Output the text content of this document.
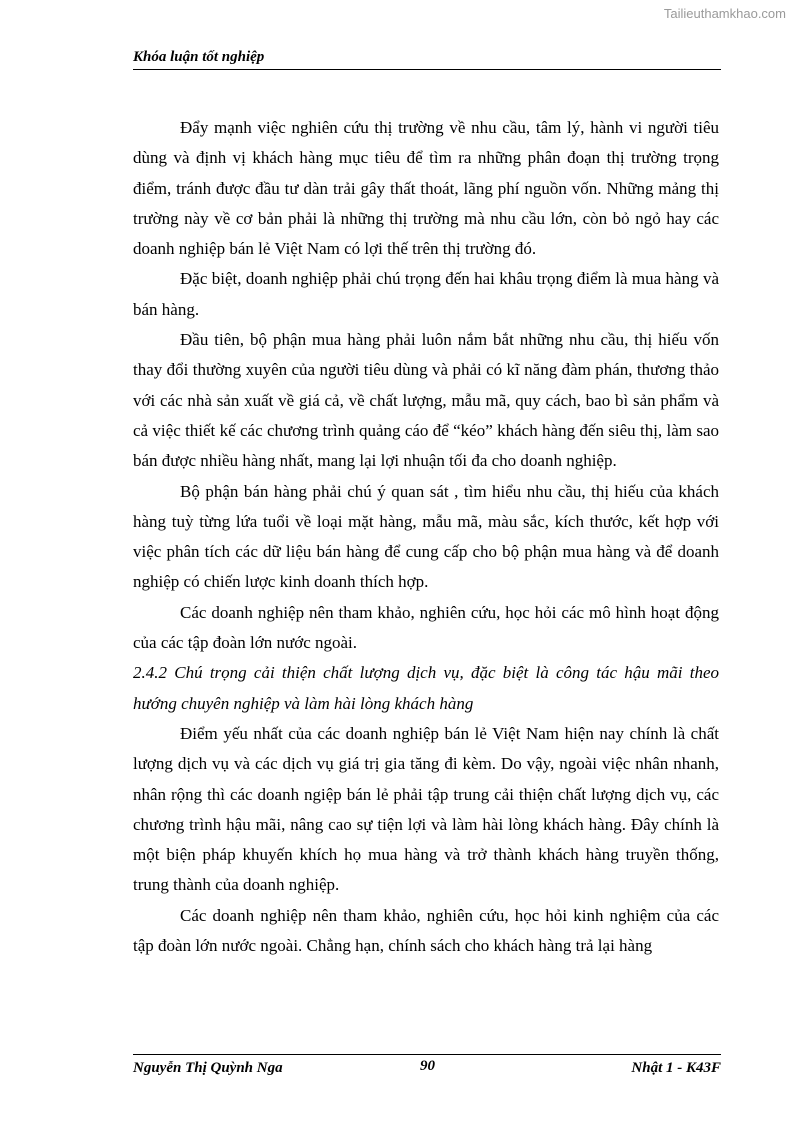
Tailieuthamkhao.com
Khóa luận tốt nghiệp

Đẩy mạnh việc nghiên cứu thị trường về nhu cầu, tâm lý, hành vi người tiêu dùng và định vị khách hàng mục tiêu để tìm ra những phân đoạn thị trường trọng điểm, tránh được đầu tư dàn trải gây thất thoát, lãng phí nguồn vốn. Những mảng thị trường này về cơ bản phải là những thị trường mà nhu cầu lớn, còn bỏ ngỏ hay các doanh nghiệp bán lẻ Việt Nam có lợi thế trên thị trường đó.

Đặc biệt, doanh nghiệp phải chú trọng đến hai khâu trọng điểm là mua hàng và bán hàng.

Đầu tiên, bộ phận mua hàng phải luôn nắm bắt những nhu cầu, thị hiếu vốn thay đổi thường xuyên của người tiêu dùng và phải có kĩ năng đàm phán, thương thảo với các nhà sản xuất về giá cả, về chất lượng, mẫu mã, quy cách, bao bì sản phẩm và cả việc thiết kế các chương trình quảng cáo để “kéo” khách hàng đến siêu thị, làm sao bán được nhiều hàng nhất, mang lại lợi nhuận tối đa cho doanh nghiệp.

Bộ phận bán hàng phải chú ý quan sát , tìm hiểu nhu cầu, thị hiếu của khách hàng tuỳ từng lứa tuổi về loại mặt hàng, mẫu mã, màu sắc, kích thước, kết hợp với việc phân tích các dữ liệu bán hàng để cung cấp cho bộ phận mua hàng và để doanh nghiệp có chiến lược kinh doanh thích hợp.

Các doanh nghiệp nên tham khảo, nghiên cứu, học hỏi các mô hình hoạt động của các tập đoàn lớn nước ngoài.

2.4.2 Chú trọng cải thiện chất lượng dịch vụ, đặc biệt là công tác hậu mãi theo hướng chuyên nghiệp và làm hài lòng khách hàng

Điểm yếu nhất của các doanh nghiệp bán lẻ Việt Nam hiện nay chính là chất lượng dịch vụ và các dịch vụ giá trị gia tăng đi kèm. Do vậy, ngoài việc nhân nhanh, nhân rộng thì các doanh ngiệp bán lẻ phải tập trung cải thiện chất lượng dịch vụ, các chương trình hậu mãi, nâng cao sự tiện lợi và làm hài lòng khách hàng. Đây chính là một biện pháp khuyến khích họ mua hàng và trở thành khách hàng truyền thống, trung thành của doanh nghiệp.

Các doanh nghiệp nên tham khảo, nghiên cứu, học hỏi kinh nghiệm của các tập đoàn lớn nước ngoài. Chẳng hạn, chính sách cho khách hàng trả lại hàng

Nguyễn Thị Quỳnh Nga	90	Nhật 1 - K43F
